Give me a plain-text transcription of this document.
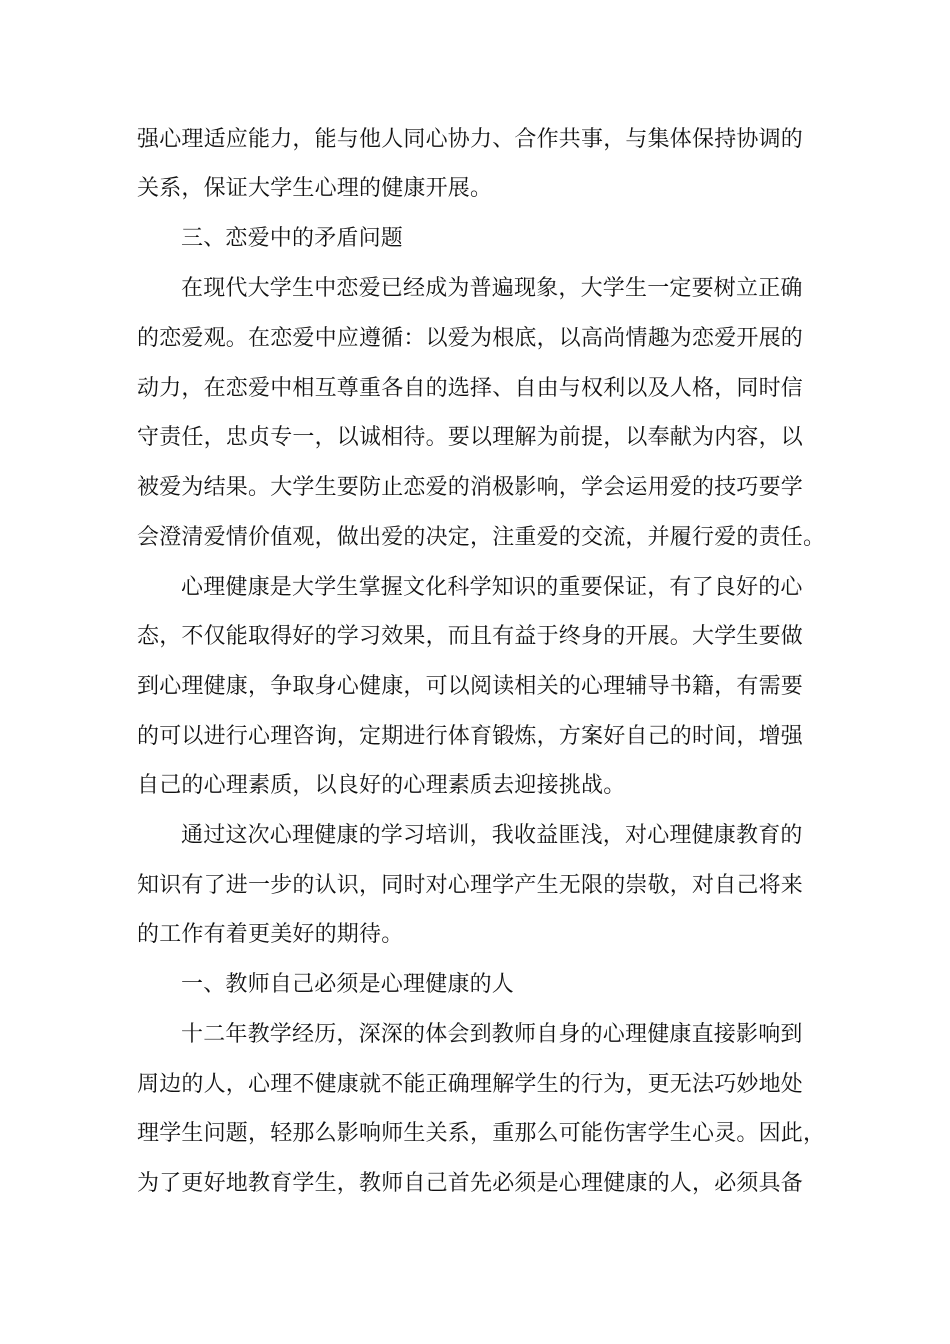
强心理适应能力，能与他人同心协力、合作共事，与集体保持协调的
关系，保证大学生心理的健康开展。
三、恋爱中的矛盾问题
在现代大学生中恋爱已经成为普遍现象，大学生一定要树立正确
的恋爱观。在恋爱中应遵循：以爱为根底，以高尚情趣为恋爱开展的
动力，在恋爱中相互尊重各自的选择、自由与权利以及人格，同时信
守责任，忠贞专一，以诚相待。要以理解为前提，以奉献为内容，以
被爱为结果。大学生要防止恋爱的消极影响，学会运用爱的技巧要学
会澄清爱情价值观，做出爱的决定，注重爱的交流，并履行爱的责任。
心理健康是大学生掌握文化科学知识的重要保证，有了良好的心
态，不仅能取得好的学习效果，而且有益于终身的开展。大学生要做
到心理健康，争取身心健康，可以阅读相关的心理辅导书籍，有需要
的可以进行心理咨询，定期进行体育锻炼，方案好自己的时间，增强
自己的心理素质，以良好的心理素质去迎接挑战。
通过这次心理健康的学习培训，我收益匪浅，对心理健康教育的
知识有了进一步的认识，同时对心理学产生无限的崇敬，对自己将来
的工作有着更美好的期待。
一、教师自己必须是心理健康的人
十二年教学经历，深深的体会到教师自身的心理健康直接影响到
周边的人，心理不健康就不能正确理解学生的行为，更无法巧妙地处
理学生问题，轻那么影响师生关系，重那么可能伤害学生心灵。因此，
为了更好地教育学生，教师自己首先必须是心理健康的人，必须具备
